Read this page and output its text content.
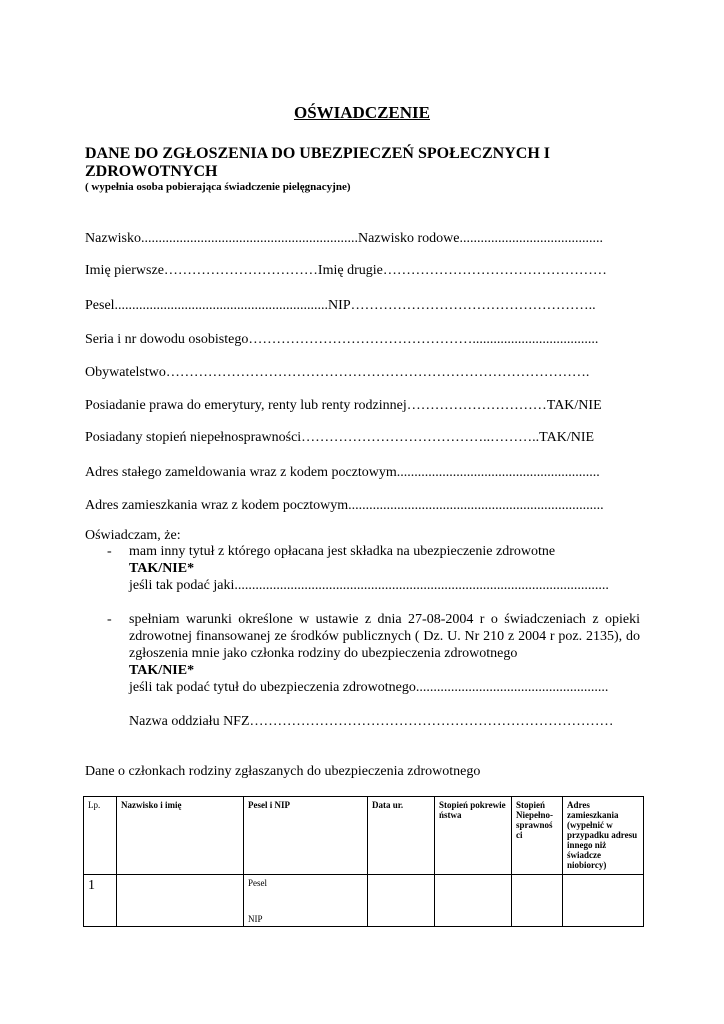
OŚWIADCZENIE
DANE DO ZGŁOSZENIA DO UBEZPIECZEŃ SPOŁECZNYCH I ZDROWOTNYCH
( wypełnia osoba pobierająca świadczenie pielęgnacyjne)
Nazwisko..............................................................Nazwisko rodowe.........................................
Imię pierwsze……………………………Imię drugie…………………………………………
Pesel.............................................................NIP……………………………………………..
Seria i nr dowodu osobistego…………………………………………....................................
Obywatelstwo……………………………………………………………………………….
Posiadanie prawa do emerytury, renty lub renty rodzinnej…………………………TAK/NIE
Posiadany stopień niepełnosprawności…………………………………..………..TAK/NIE
Adres stałego zameldowania wraz z kodem pocztowym..........................................................
Adres zamieszkania wraz z kodem pocztowym.........................................................................
Oświadczam, że:
- mam inny tytuł z którego opłacana jest składka na ubezpieczenie zdrowotne
TAK/NIE*
jeśli tak podać jaki...........................................................................................................
- spełniam warunki określone w ustawie z dnia 27-08-2004 r o świadczeniach z opieki zdrowotnej finansowanej ze środków publicznych ( Dz. U. Nr 210 z 2004 r poz. 2135), do zgłoszenia mnie jako członka rodziny do ubezpieczenia zdrowotnego
TAK/NIE*
jeśli tak podać tytuł do ubezpieczenia zdrowotnego.......................................................
Nazwa oddziału NFZ……………………………………………………………………
Dane o członkach rodziny zgłaszanych do ubezpieczenia zdrowotnego
Lp.	Nazwisko i imię	Pesel i NIP	Data ur.	Stopień pokrewie ństwa	Stopień Niepełno- sprawnoś ci	Adres zamieszkania (wypełnić w przypadku adresu innego niż świadcze niobiorcy)
1		Pesel
NIP				
